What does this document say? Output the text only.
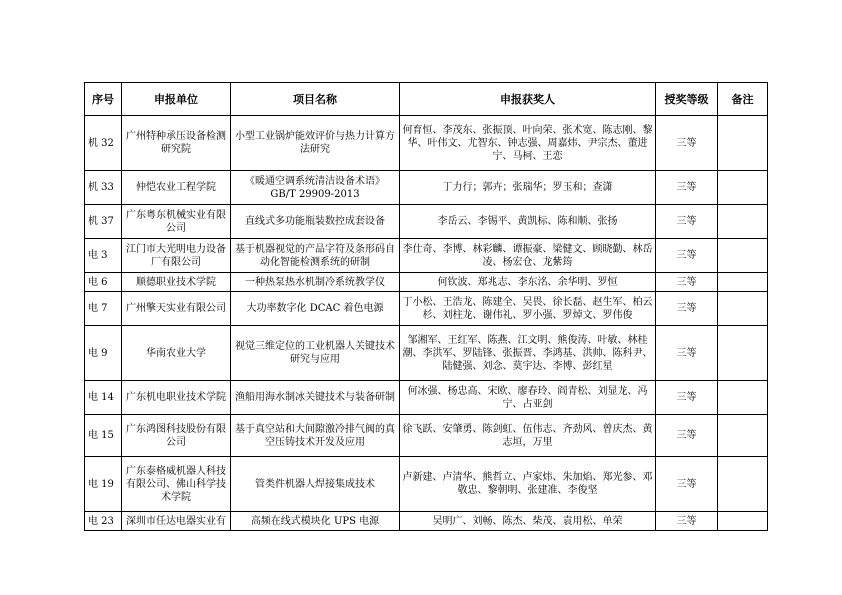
序号	申报单位	项目名称	申报获奖人	授奖等级	备注
机 32	广州特种承压设备检测研究院	小型工业锅炉能效评价与热力计算方法研究	何育恒、李茂东、张振顶、叶向荣、张术宽、陈志刚、黎华、叶伟文、尤智东、钟志强、周嘉炜、尹宗杰、董进宁、马柯、王恋	三等	
机 33	仲恺农业工程学院	《暖通空调系统清洁设备术语》GB/T 29909-2013	丁力行；郭卉；张瑞华；罗玉和；查潇	三等	
机 37	广东粤东机械实业有限公司	直线式多功能瓶装数控成套设备	李岳云、李锡平、黄凯标、陈和顺、张扬	三等	
电 3	江门市大光明电力设备厂有限公司	基于机器视觉的产品字符及条形码自动化智能检测系统的研制	李仕奇、李博、林彩麟、谭振豪、梁健文、顾晓勤、林岳凌、杨宏仓、龙紫筠	三等	
电 6	顺德职业技术学院	一种热泵热水机制冷系统教学仪	何钦波、郑兆志、李东洺、余华明、罗恒	三等	
电 7	广州擎天实业有限公司	大功率数字化 DCAC 着色电源	丁小松、王浩龙、陈建全、吴畏、徐长磊、赵生军、柏云杉、刘柱龙、谢伟礼、罗小强、罗焯文、罗伟俊	三等	
电 9	华南农业大学	视觉三维定位的工业机器人关键技术研究与应用	邹湘军、王红军、陈燕、江文明、熊俊涛、叶敏、林桂潮、李洪军、罗陆锋、张振晋、李鸿基、洪帅、陈科尹、陆健强、刘念、莫宇达、李博、彭红星	三等	
电 14	广东机电职业技术学院	渔船用海水制冰关键技术与装备研制	何冰强、杨忠高、宋欧、廖春玲、阎青松、刘显龙、冯宁、占亚剑	三等	
电 15	广东鸿图科技股份有限公司	基于真空站和大间隙激冷排气阀的真空压铸技术开发及应用	徐飞跃、安肇勇、陈剑虹、伍伟志、齐劲风、曾庆杰、黄志垣，万里	三等	
电 19	广东泰格威机器人科技有限公司、佛山科学技术学院	管类件机器人焊接集成技术	卢新建、卢清华、熊哲立、卢家炜、朱加焰、郑光参、邓敬忠、黎朝明、张建准、李俊坚	三等	
电 23	深圳市任达电器实业有	高频在线式模块化 UPS 电源	吴明广、刘畅、陈杰、柴茂、袁用松、单荣	三等	
